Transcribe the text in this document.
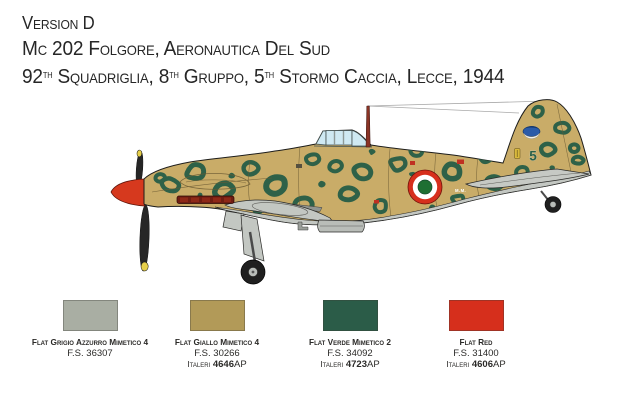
Version D
Mc 202 Folgore, Aeronautica Del Sud
92th Squadriglia, 8th Gruppo, 5th Stormo Caccia, Lecce, 1944
M.M.
5
Flat Grigio Azzurro Mimetico 4
F.S. 36307
Flat Giallo Mimetico 4
F.S. 30266
Italeri 4646AP
Flat Verde Mimetico 2
F.S. 34092
Italeri 4723AP
Flat Red
F.S. 31400
Italeri 4606AP
